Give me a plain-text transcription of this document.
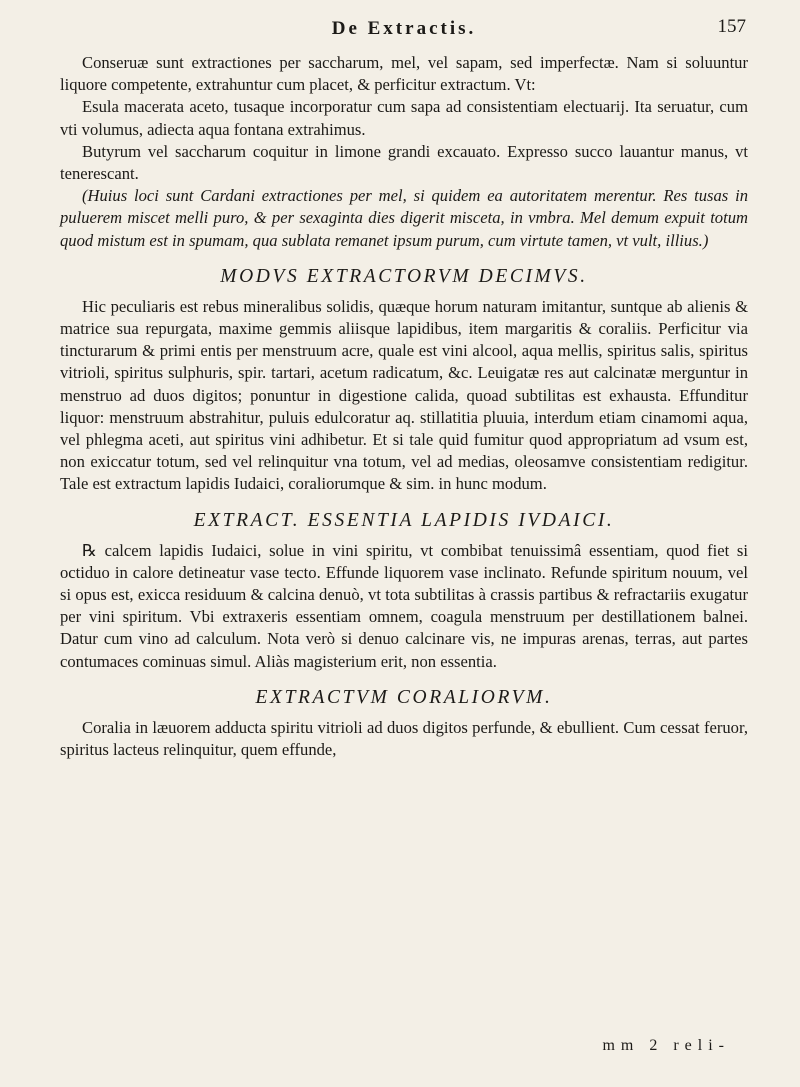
De Extractis.	157

Conseruæ sunt extractiones per saccharum, mel, vel sapam, sed imperfectæ. Nam si soluuntur liquore competente, extrahuntur cum placet, & perficitur extractum. Vt:

Esula macerata aceto, tusaque incorporatur cum sapa ad consistentiam electuarij. Ita seruatur, cum vti volumus, adiecta aqua fontana extrahimus.

Butyrum vel saccharum coquitur in limone grandi excauato. Expresso succo lauantur manus, vt tenerescant.

(Huius loci sunt Cardani extractiones per mel, si quidem ea autoritatem merentur. Res tusas in puluerem miscet melli puro, & per sexaginta dies digerit misceta, in vmbra. Mel demum expuit totum quod mistum est in spumam, qua sublata remanet ipsum purum, cum virtute tamen, vt vult, illius.)

MODVS EXTRACTORVM DECIMVS.

Hic peculiaris est rebus mineralibus solidis, quæque horum naturam imitantur, suntque ab alienis & matrice sua repurgata, maxime gemmis aliisque lapidibus, item margaritis & coraliis. Perficitur via tincturarum & primi entis per menstruum acre, quale est vini alcool, aqua mellis, spiritus salis, spiritus vitrioli, spiritus sulphuris, spir. tartari, acetum radicatum, &c. Leuigatæ res aut calcinatæ merguntur in menstruo ad duos digitos; ponuntur in digestione calida, quoad subtilitas est exhausta. Effunditur liquor: menstruum abstrahitur, puluis edulcoratur aq. stillatitia pluuia, interdum etiam cinamomi aqua, vel phlegma aceti, aut spiritus vini adhibetur. Et si tale quid fumitur quod appropriatum ad vsum est, non exiccatur totum, sed vel relinquitur vna totum, vel ad medias, oleosamve consistentiam redigitur. Tale est extractum lapidis Iudaici, coraliorumque & sim. in hunc modum.

EXTRACT. ESSENTIA LAPIDIS IVDAICI.

℞ calcem lapidis Iudaici, solue in vini spiritu, vt combibat tenuissimâ essentiam, quod fiet si octiduo in calore detineatur vase tecto. Effunde liquorem vase inclinato. Refunde spiritum nouum, vel si opus est, exicca residuum & calcina denuò, vt tota subtilitas à crassis partibus & refractariis exugatur per vini spiritum. Vbi extraxeris essentiam omnem, coagula menstruum per destillationem balnei. Datur cum vino ad calculum. Nota verò si denuo calcinare vis, ne impuras arenas, terras, aut partes contumaces cominuas simul. Aliàs magisterium erit, non essentia.

EXTRACTVM CORALIORVM.

Coralia in læuorem adducta spiritu vitrioli ad duos digitos perfunde, & ebullient. Cum cessat feruor, spiritus lacteus relinquitur, quem effunde,

mm 2 reli-
